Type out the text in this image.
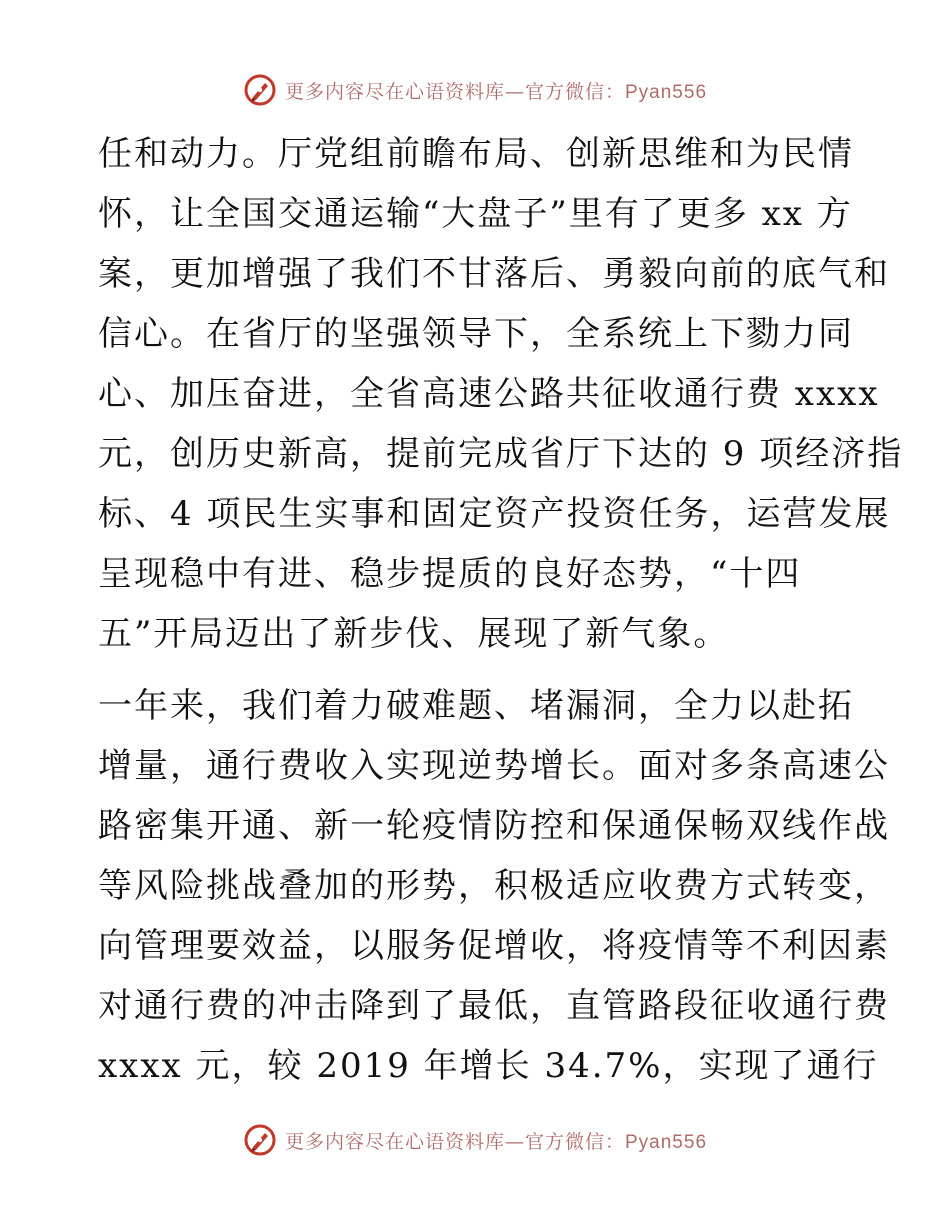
更多内容尽在心语资料库—官方微信：Pyan556
任和动力。厅党组前瞻布局、创新思维和为民情
怀，让全国交通运输“大盘子”里有了更多 xx 方
案，更加增强了我们不甘落后、勇毅向前的底气和
信心。在省厅的坚强领导下，全系统上下勠力同
心、加压奋进，全省高速公路共征收通行费 xxxx
元，创历史新高，提前完成省厅下达的 9 项经济指
标、4 项民生实事和固定资产投资任务，运营发展
呈现稳中有进、稳步提质的良好态势，“十四
五”开局迈出了新步伐、展现了新气象。
一年来，我们着力破难题、堵漏洞，全力以赴拓
增量，通行费收入实现逆势增长。面对多条高速公
路密集开通、新一轮疫情防控和保通保畅双线作战
等风险挑战叠加的形势，积极适应收费方式转变，
向管理要效益，以服务促增收，将疫情等不利因素
对通行费的冲击降到了最低，直管路段征收通行费
xxxx 元，较 2019 年增长 34.7%，实现了通行
更多内容尽在心语资料库—官方微信：Pyan556
